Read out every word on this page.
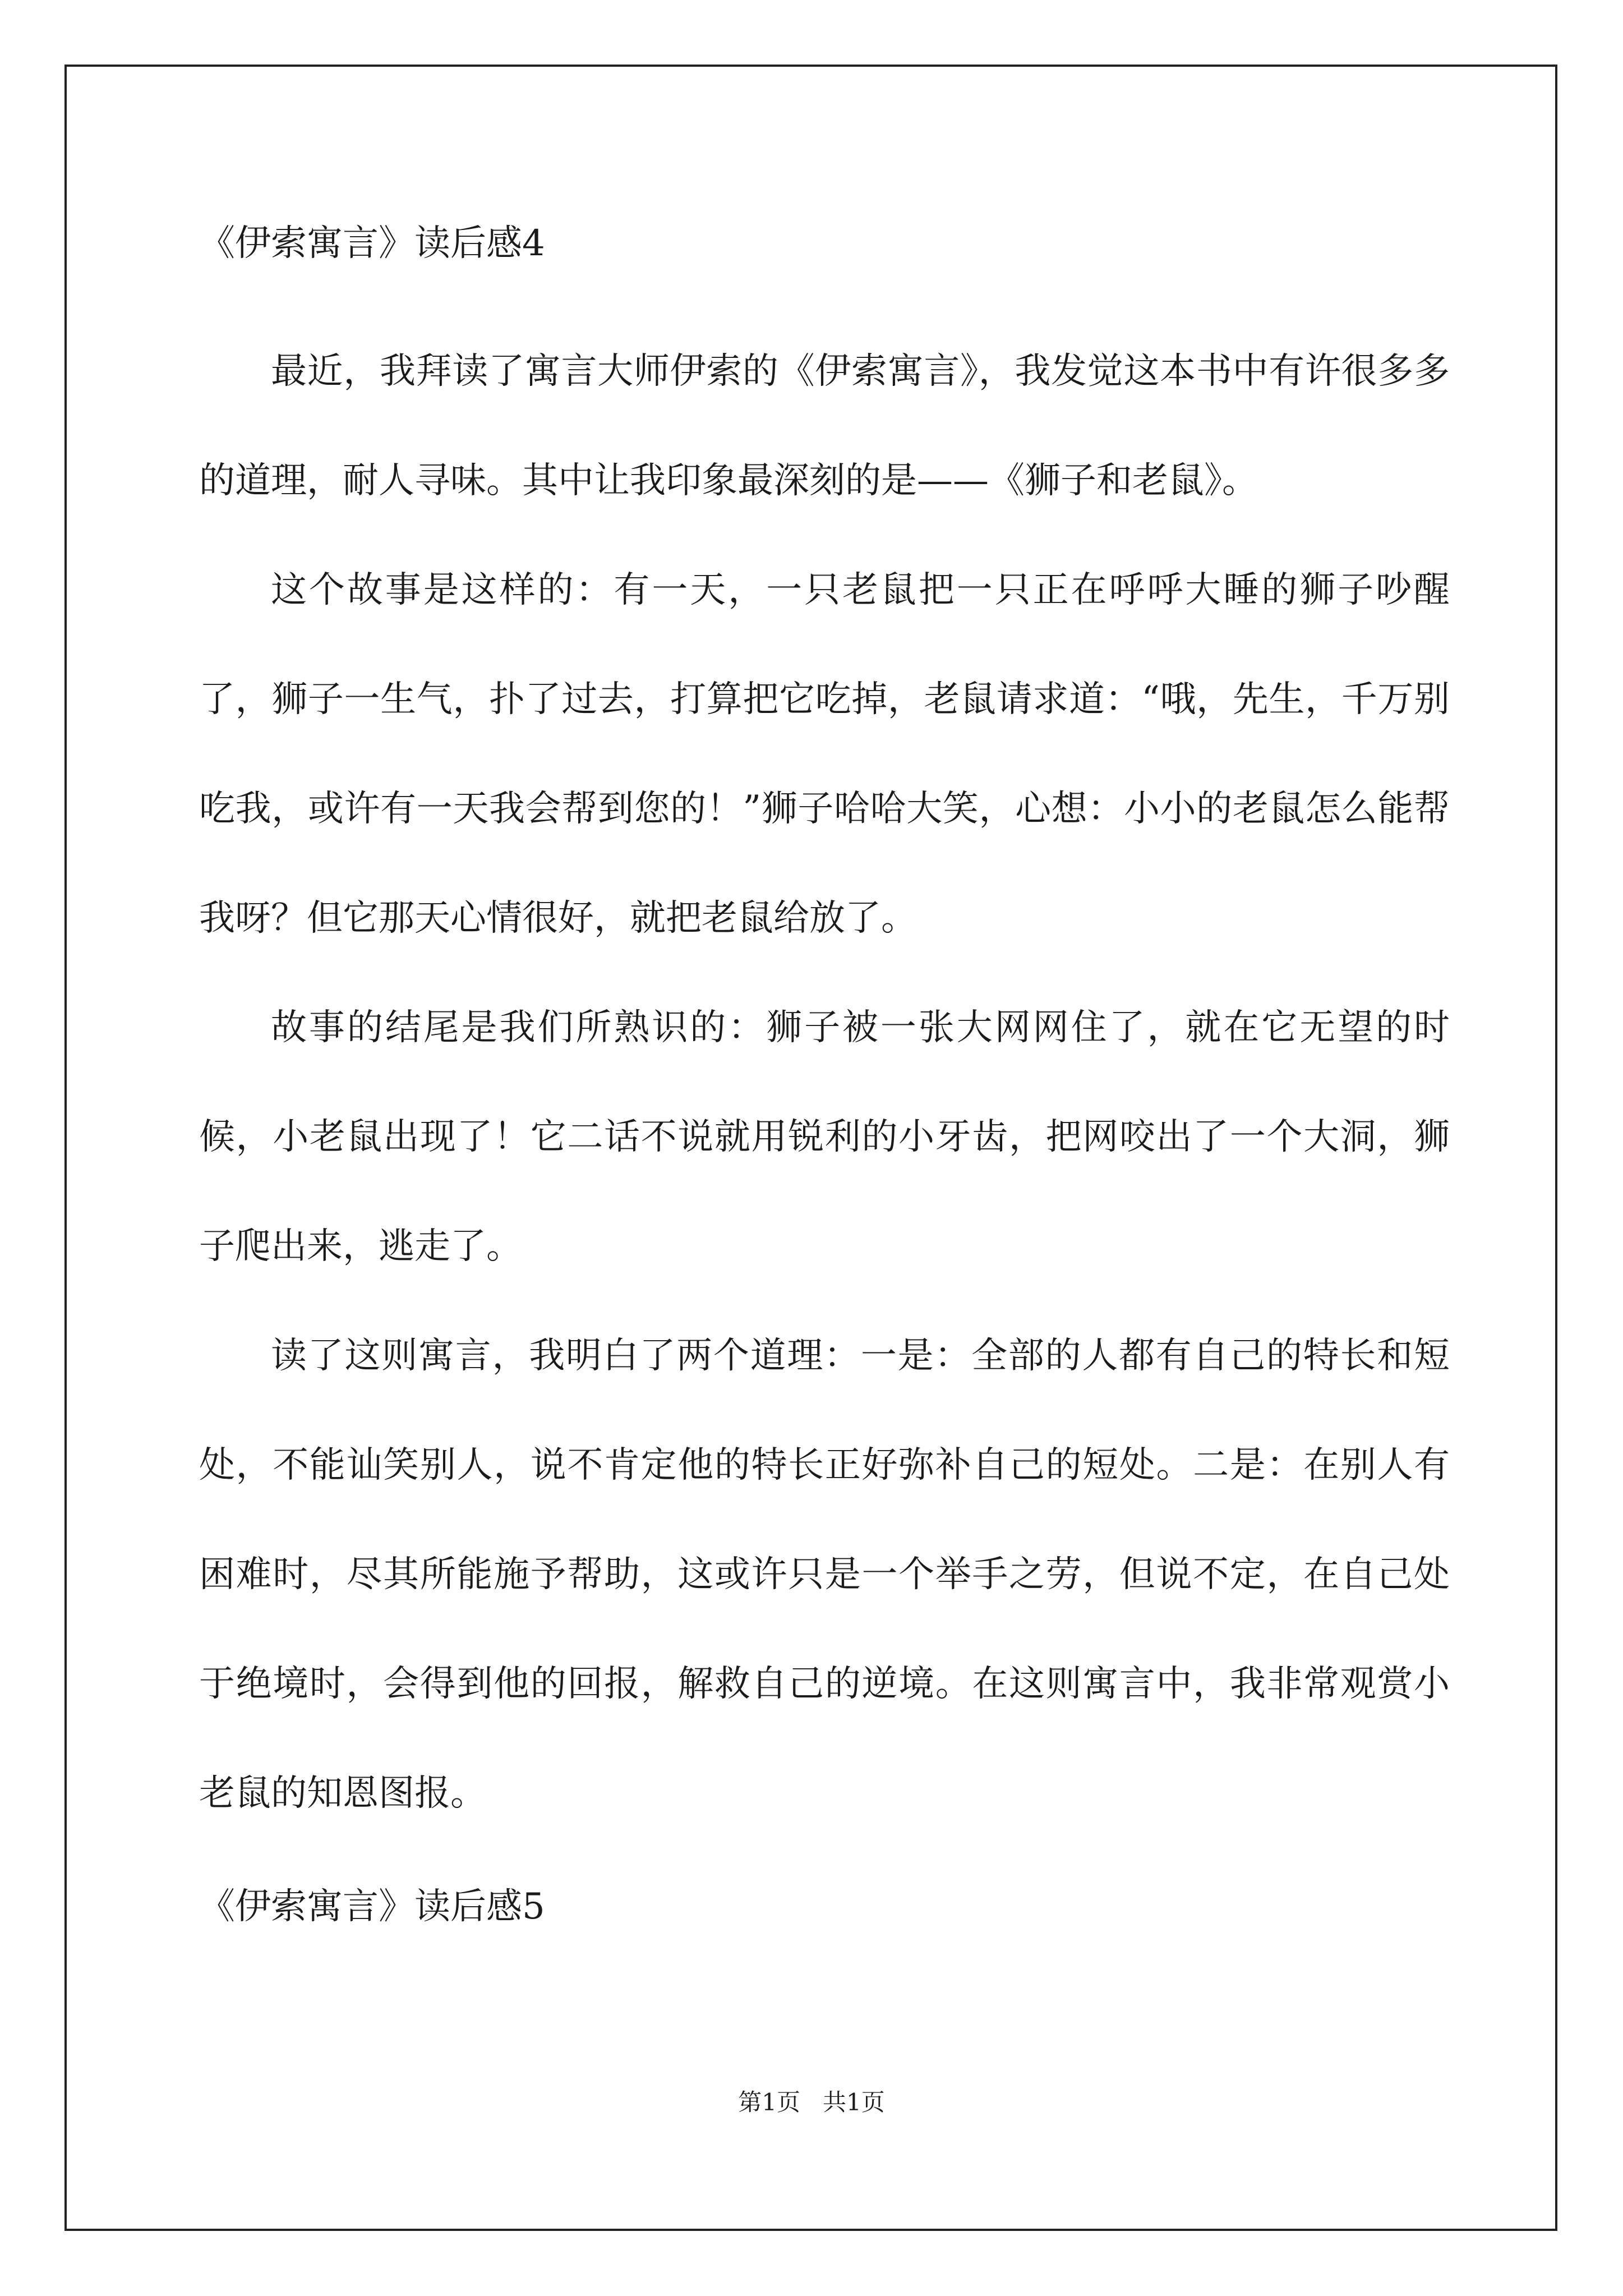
《伊索寓言》读后感4

最近，我拜读了寓言大师伊索的《伊索寓言》，我发觉这本书中有许很多多的道理，耐人寻味。其中让我印象最深刻的是——《狮子和老鼠》。

这个故事是这样的：有一天，一只老鼠把一只正在呼呼大睡的狮子吵醒了，狮子一生气，扑了过去，打算把它吃掉，老鼠请求道：“哦，先生，千万别吃我，或许有一天我会帮到您的！”狮子哈哈大笑，心想：小小的老鼠怎么能帮我呀？但它那天心情很好，就把老鼠给放了。

故事的结尾是我们所熟识的：狮子被一张大网网住了，就在它无望的时候，小老鼠出现了！它二话不说就用锐利的小牙齿，把网咬出了一个大洞，狮子爬出来，逃走了。

读了这则寓言，我明白了两个道理：一是：全部的人都有自己的特长和短处，不能讪笑别人，说不肯定他的特长正好弥补自己的短处。二是：在别人有困难时，尽其所能施予帮助，这或许只是一个举手之劳，但说不定，在自己处于绝境时，会得到他的回报，解救自己的逆境。在这则寓言中，我非常观赏小老鼠的知恩图报。

《伊索寓言》读后感5
第1页   共1页
